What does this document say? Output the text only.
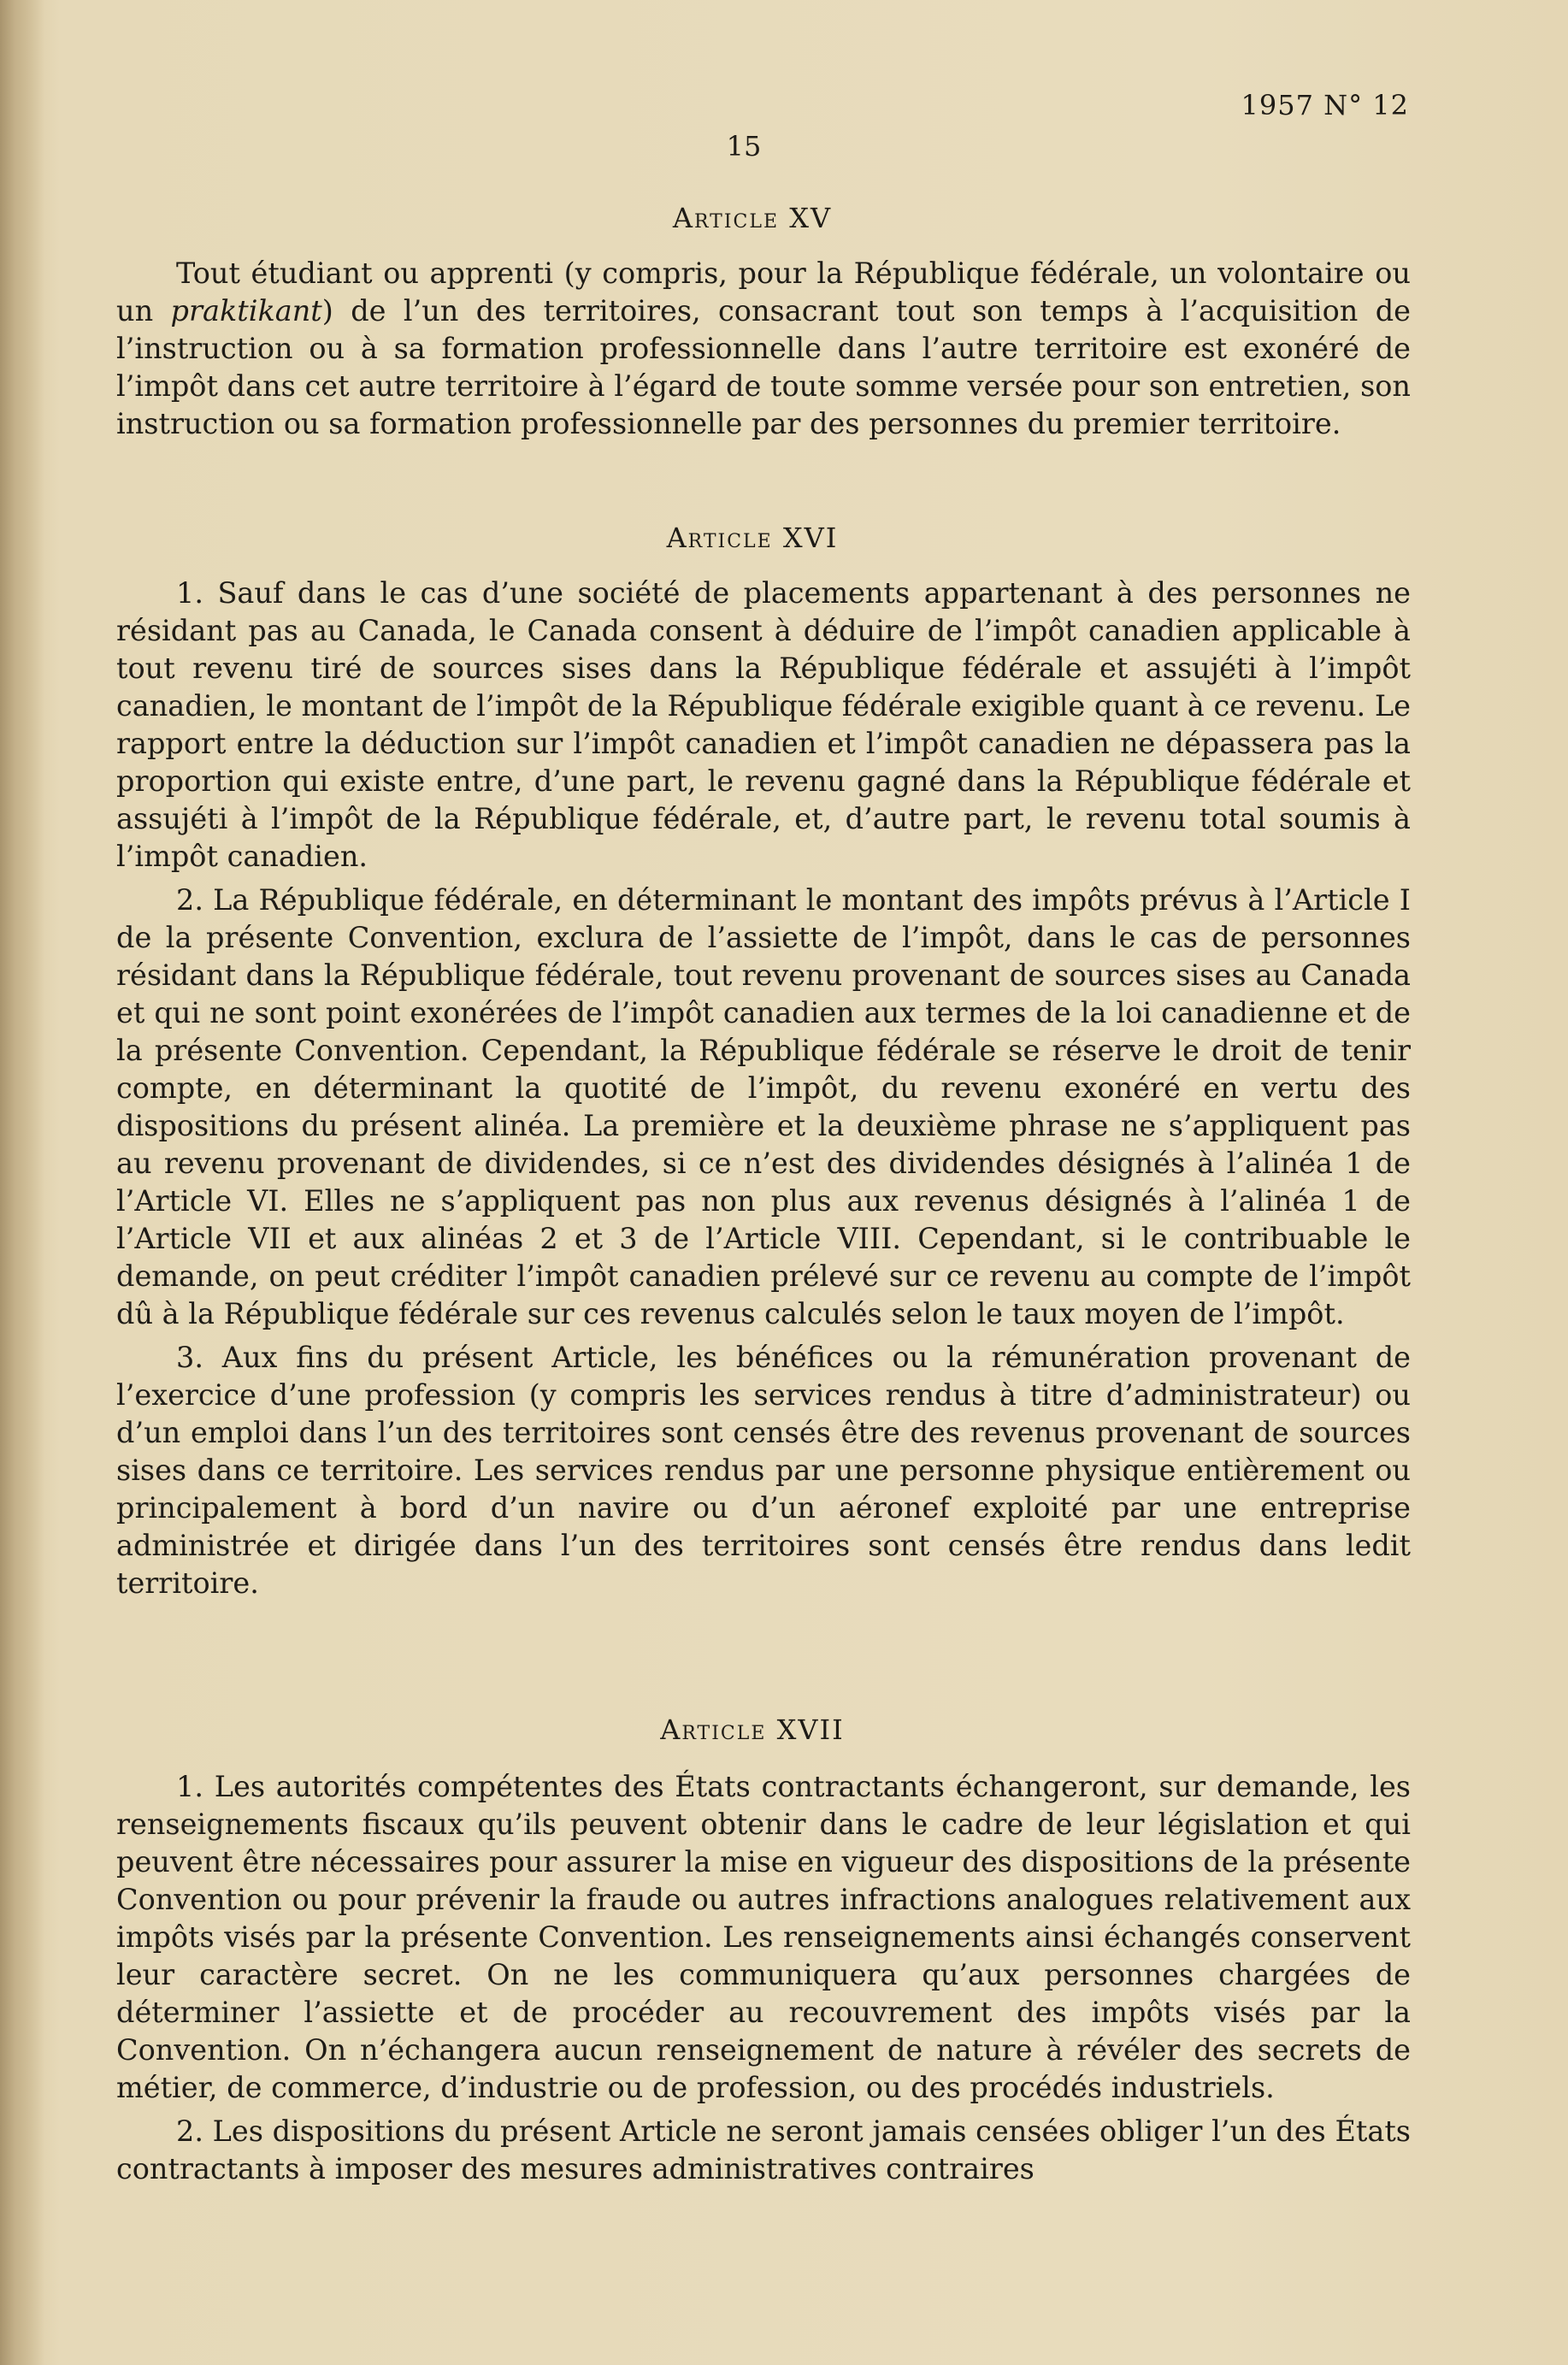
1957 N° 12
15
Article XV

Tout étudiant ou apprenti (y compris, pour la République fédérale, un volontaire ou un praktikant) de l’un des territoires, consacrant tout son temps à l’acquisition de l’instruction ou à sa formation professionnelle dans l’autre territoire est exonéré de l’impôt dans cet autre territoire à l’égard de toute somme versée pour son entretien, son instruction ou sa formation professionnelle par des personnes du premier territoire.

Article XVI

1. Sauf dans le cas d’une société de placements appartenant à des personnes ne résidant pas au Canada, le Canada consent à déduire de l’impôt canadien applicable à tout revenu tiré de sources sises dans la République fédérale et assujéti à l’impôt canadien, le montant de l’impôt de la République fédérale exigible quant à ce revenu. Le rapport entre la déduction sur l’impôt canadien et l’impôt canadien ne dépassera pas la proportion qui existe entre, d’une part, le revenu gagné dans la République fédérale et assujéti à l’impôt de la République fédérale, et, d’autre part, le revenu total soumis à l’impôt canadien.

2. La République fédérale, en déterminant le montant des impôts prévus à l’Article I de la présente Convention, exclura de l’assiette de l’impôt, dans le cas de personnes résidant dans la République fédérale, tout revenu provenant de sources sises au Canada et qui ne sont point exonérées de l’impôt canadien aux termes de la loi canadienne et de la présente Convention. Cependant, la République fédérale se réserve le droit de tenir compte, en déterminant la quotité de l’impôt, du revenu exonéré en vertu des dispositions du présent alinéa. La première et la deuxième phrase ne s’appliquent pas au revenu provenant de dividendes, si ce n’est des dividendes désignés à l’alinéa 1 de l’Article VI. Elles ne s’appliquent pas non plus aux revenus désignés à l’alinéa 1 de l’Article VII et aux alinéas 2 et 3 de l’Article VIII. Cependant, si le contribuable le demande, on peut créditer l’impôt canadien prélevé sur ce revenu au compte de l’impôt dû à la République fédérale sur ces revenus calculés selon le taux moyen de l’impôt.

3. Aux fins du présent Article, les bénéfices ou la rémunération provenant de l’exercice d’une profession (y compris les services rendus à titre d’administrateur) ou d’un emploi dans l’un des territoires sont censés être des revenus provenant de sources sises dans ce territoire. Les services rendus par une personne physique entièrement ou principalement à bord d’un navire ou d’un aéronef exploité par une entreprise administrée et dirigée dans l’un des territoires sont censés être rendus dans ledit territoire.

Article XVII

1. Les autorités compétentes des États contractants échangeront, sur demande, les renseignements fiscaux qu’ils peuvent obtenir dans le cadre de leur législation et qui peuvent être nécessaires pour assurer la mise en vigueur des dispositions de la présente Convention ou pour prévenir la fraude ou autres infractions analogues relativement aux impôts visés par la présente Convention. Les renseignements ainsi échangés conservent leur caractère secret. On ne les communiquera qu’aux personnes chargées de déterminer l’assiette et de procéder au recouvrement des impôts visés par la Convention. On n’échangera aucun renseignement de nature à révéler des secrets de métier, de commerce, d’industrie ou de profession, ou des procédés industriels.

2. Les dispositions du présent Article ne seront jamais censées obliger l’un des États contractants à imposer des mesures administratives contraires
